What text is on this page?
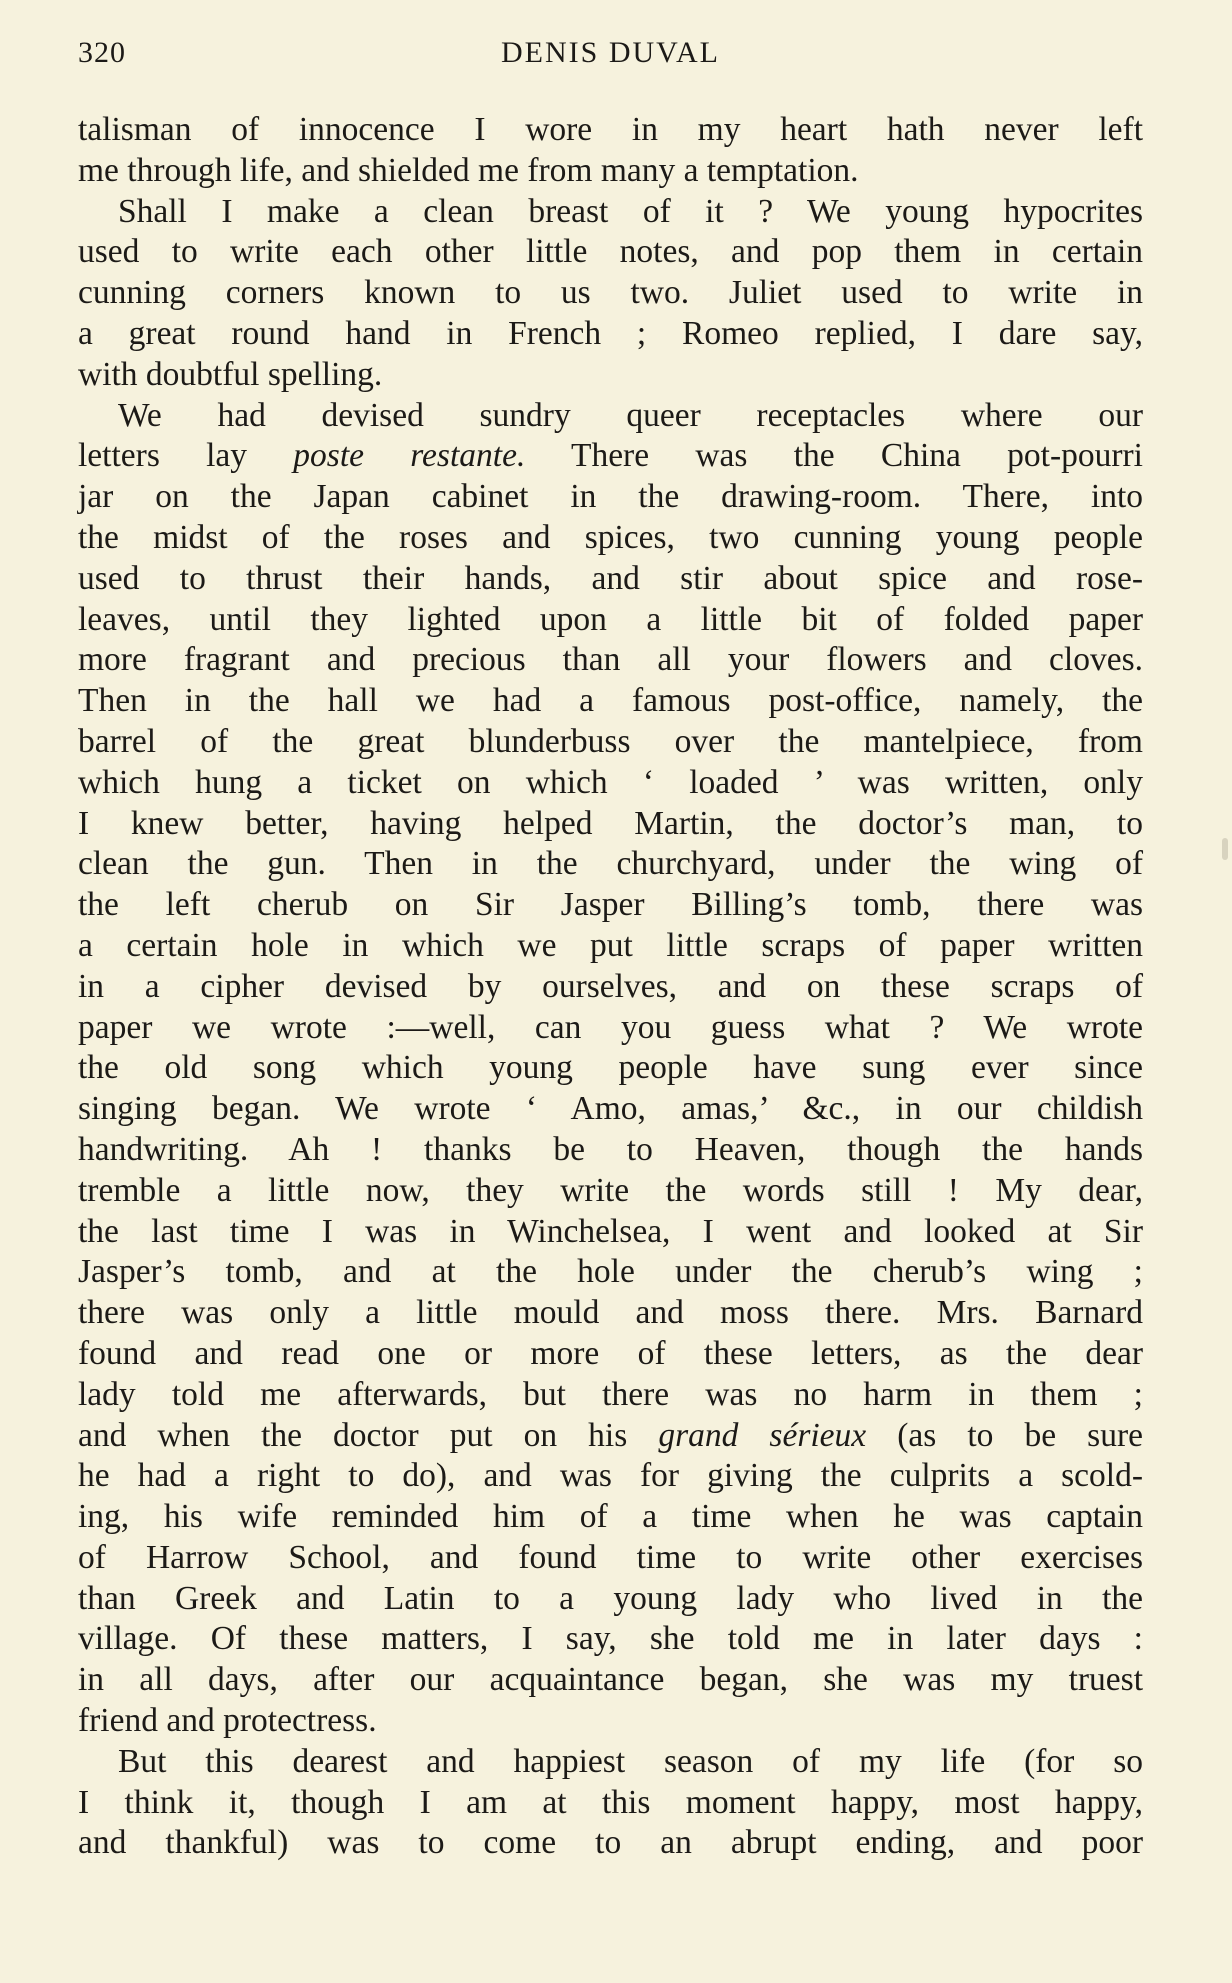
320	DENIS DUVAL
talisman of innocence I wore in my heart hath never left
me through life, and shielded me from many a temptation.
Shall I make a clean breast of it ? We young hypocrites
used to write each other little notes, and pop them in certain
cunning corners known to us two. Juliet used to write in
a great round hand in French ; Romeo replied, I dare say,
with doubtful spelling.
We had devised sundry queer receptacles where our
letters lay poste restante. There was the China pot-pourri
jar on the Japan cabinet in the drawing-room. There, into
the midst of the roses and spices, two cunning young people
used to thrust their hands, and stir about spice and rose-
leaves, until they lighted upon a little bit of folded paper
more fragrant and precious than all your flowers and cloves.
Then in the hall we had a famous post-office, namely, the
barrel of the great blunderbuss over the mantelpiece, from
which hung a ticket on which ‘ loaded ’ was written, only
I knew better, having helped Martin, the doctor’s man, to
clean the gun. Then in the churchyard, under the wing of
the left cherub on Sir Jasper Billing’s tomb, there was
a certain hole in which we put little scraps of paper written
in a cipher devised by ourselves, and on these scraps of
paper we wrote :—well, can you guess what ? We wrote
the old song which young people have sung ever since
singing began. We wrote ‘ Amo, amas,’ &c., in our childish
handwriting. Ah ! thanks be to Heaven, though the hands
tremble a little now, they write the words still ! My dear,
the last time I was in Winchelsea, I went and looked at Sir
Jasper’s tomb, and at the hole under the cherub’s wing ;
there was only a little mould and moss there. Mrs. Barnard
found and read one or more of these letters, as the dear
lady told me afterwards, but there was no harm in them ;
and when the doctor put on his grand sérieux (as to be sure
he had a right to do), and was for giving the culprits a scold-
ing, his wife reminded him of a time when he was captain
of Harrow School, and found time to write other exercises
than Greek and Latin to a young lady who lived in the
village. Of these matters, I say, she told me in later days :
in all days, after our acquaintance began, she was my truest
friend and protectress.
But this dearest and happiest season of my life (for so
I think it, though I am at this moment happy, most happy,
and thankful) was to come to an abrupt ending, and poor
